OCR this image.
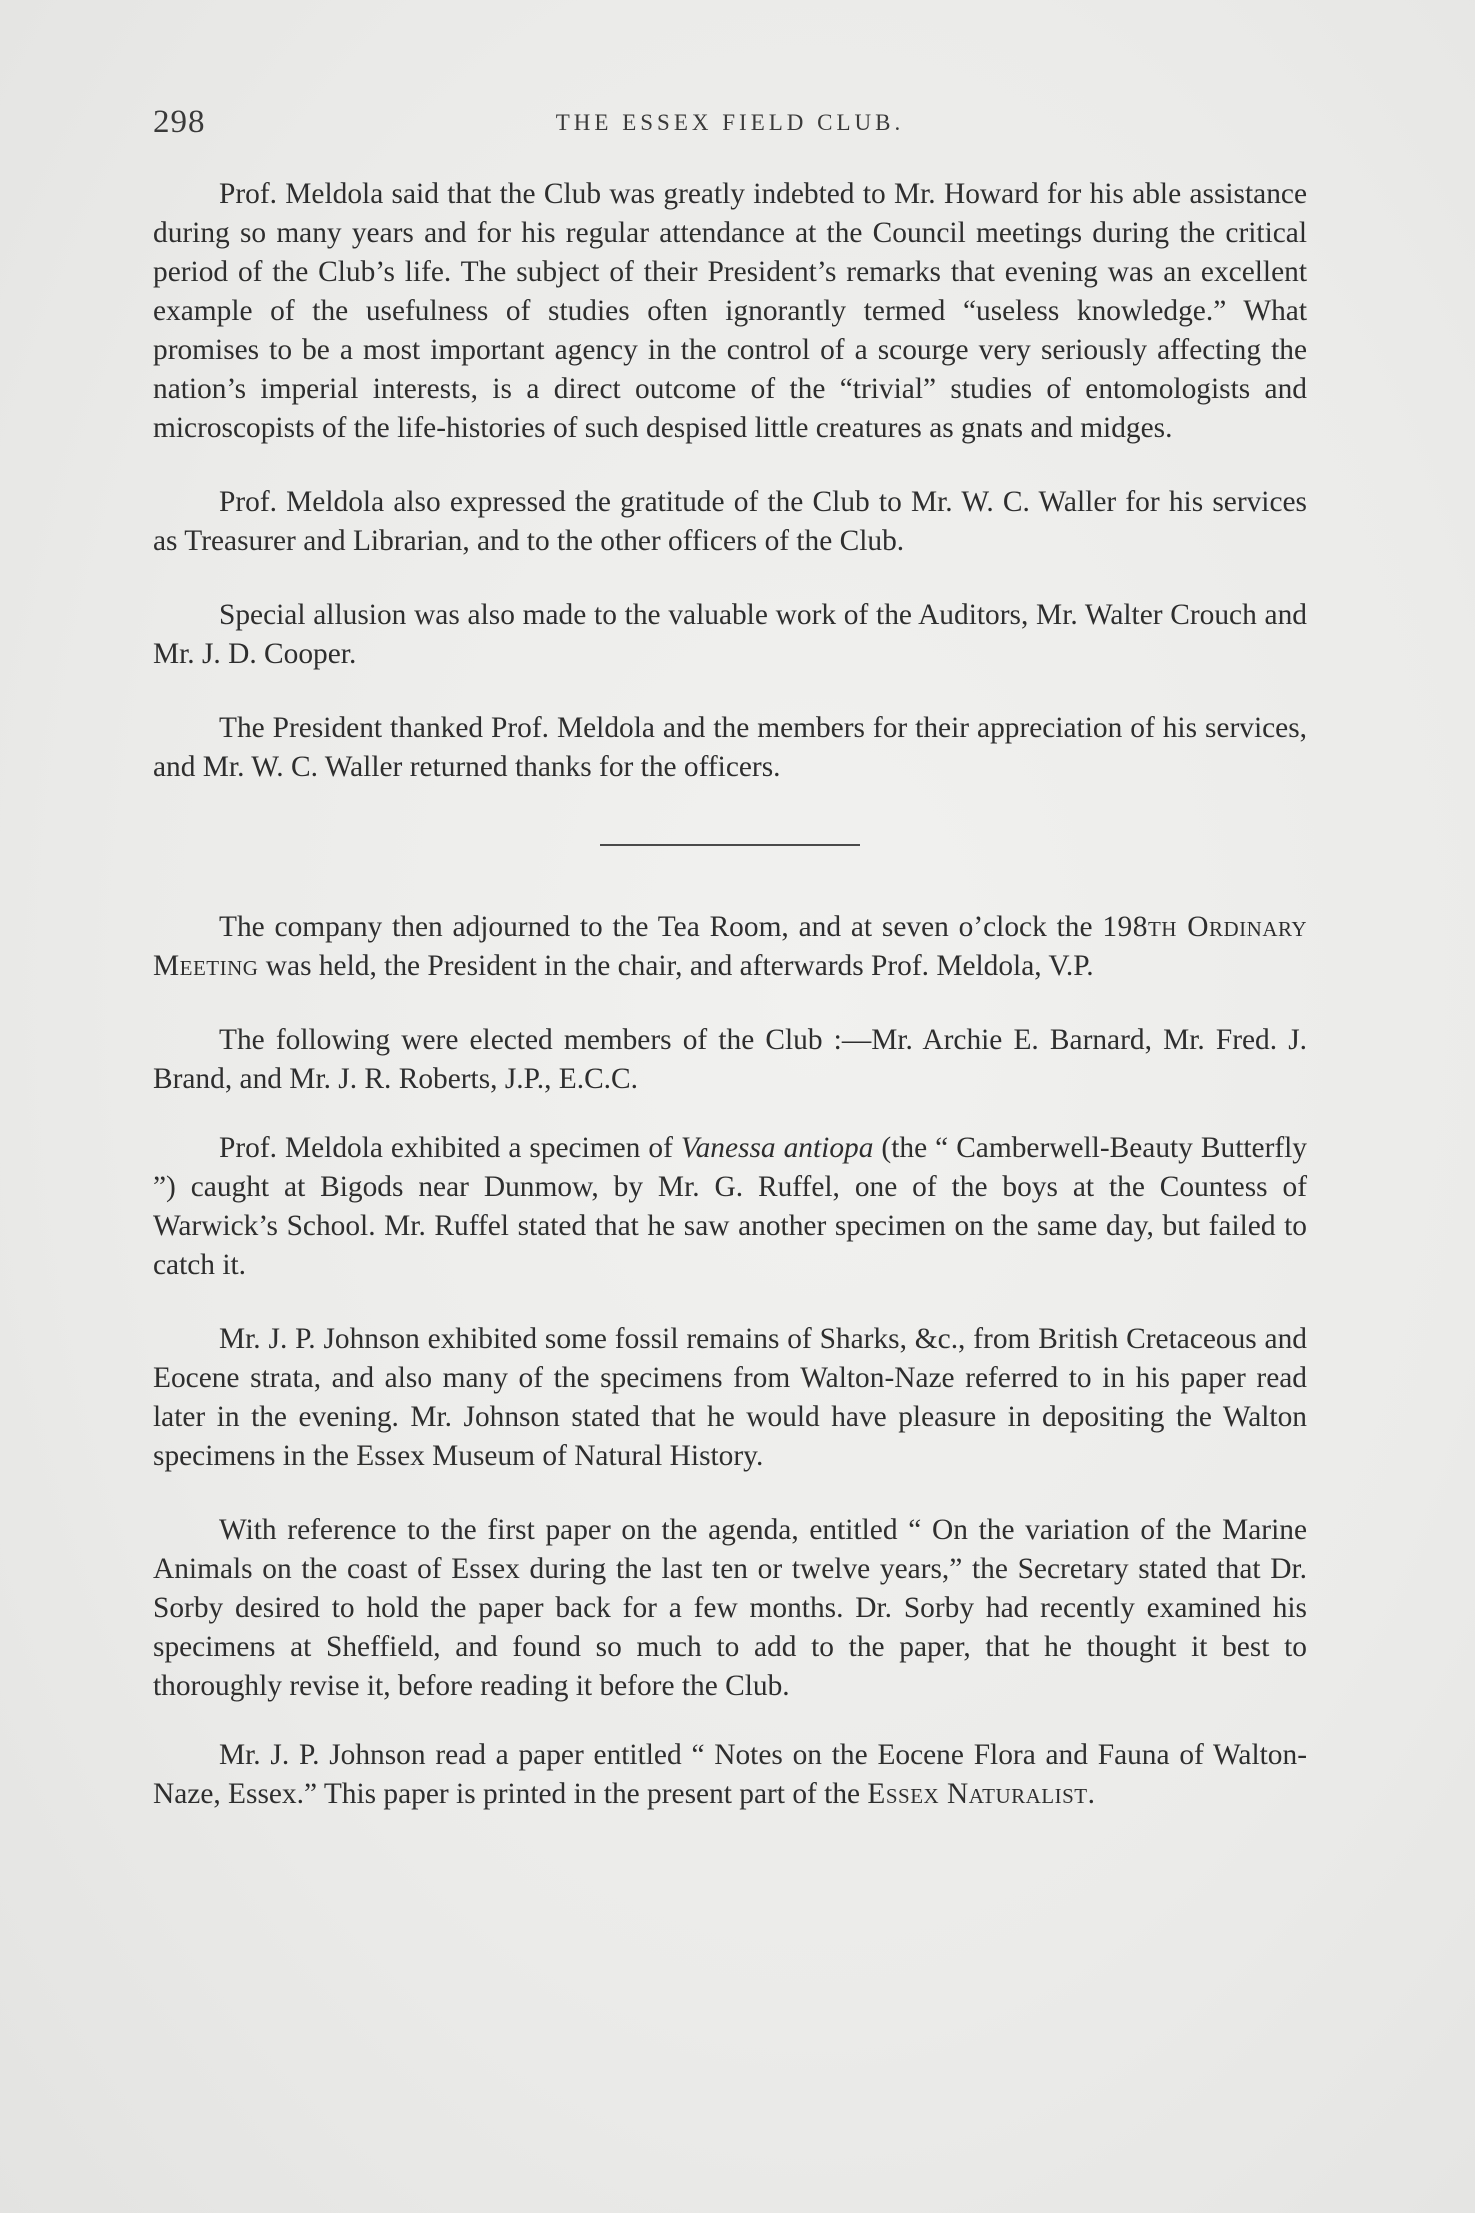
298	THE ESSEX FIELD CLUB.

Prof. Meldola said that the Club was greatly indebted to Mr. Howard for his able assistance during so many years and for his regular attendance at the Council meetings during the critical period of the Club’s life. The subject of their President’s remarks that evening was an excellent example of the usefulness of studies often ignorantly termed “useless knowledge.” What promises to be a most important agency in the control of a scourge very seriously affecting the nation’s imperial interests, is a direct outcome of the “trivial” studies of entomologists and microscopists of the life-histories of such despised little creatures as gnats and midges.

Prof. Meldola also expressed the gratitude of the Club to Mr. W. C. Waller for his services as Treasurer and Librarian, and to the other officers of the Club.

Special allusion was also made to the valuable work of the Auditors, Mr. Walter Crouch and Mr. J. D. Cooper.

The President thanked Prof. Meldola and the members for their appreciation of his services, and Mr. W. C. Waller returned thanks for the officers.

The company then adjourned to the Tea Room, and at seven o’clock the 198th Ordinary Meeting was held, the President in the chair, and afterwards Prof. Meldola, V.P.

The following were elected members of the Club :—Mr. Archie E. Barnard, Mr. Fred. J. Brand, and Mr. J. R. Roberts, J.P., E.C.C.

Prof. Meldola exhibited a specimen of Vanessa antiopa (the “ Camberwell-Beauty Butterfly ”) caught at Bigods near Dunmow, by Mr. G. Ruffel, one of the boys at the Countess of Warwick’s School. Mr. Ruffel stated that he saw another specimen on the same day, but failed to catch it.

Mr. J. P. Johnson exhibited some fossil remains of Sharks, &c., from British Cretaceous and Eocene strata, and also many of the specimens from Walton-Naze referred to in his paper read later in the evening. Mr. Johnson stated that he would have pleasure in depositing the Walton specimens in the Essex Museum of Natural History.

With reference to the first paper on the agenda, entitled “ On the variation of the Marine Animals on the coast of Essex during the last ten or twelve years,” the Secretary stated that Dr. Sorby desired to hold the paper back for a few months. Dr. Sorby had recently examined his specimens at Sheffield, and found so much to add to the paper, that he thought it best to thoroughly revise it, before reading it before the Club.

Mr. J. P. Johnson read a paper entitled “ Notes on the Eocene Flora and Fauna of Walton-Naze, Essex.” This paper is printed in the present part of the Essex Naturalist.
